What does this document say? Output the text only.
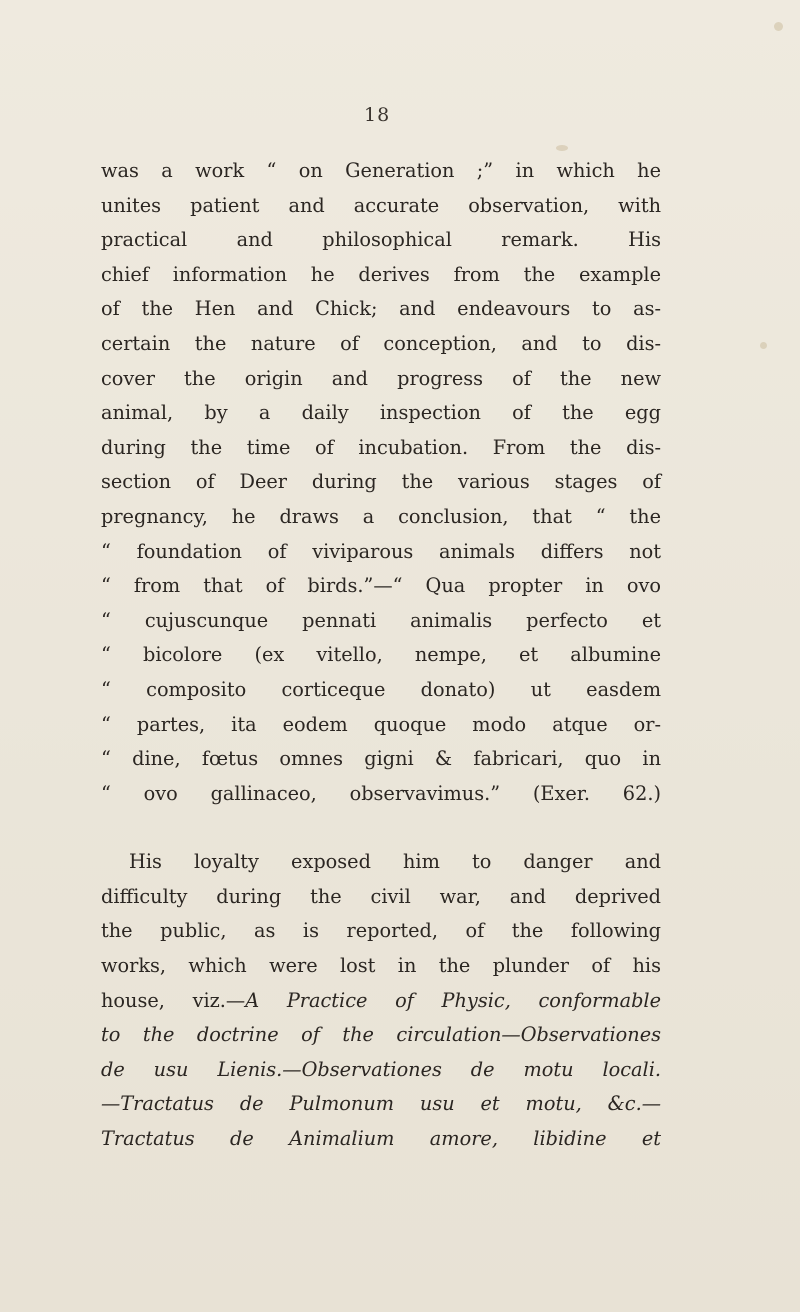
18
was a work “ on Generation ;” in which he
unites patient and accurate observation, with
practical and philosophical remark. His
chief information he derives from the example
of the Hen and Chick; and endeavours to as-
certain the nature of conception, and to dis-
cover the origin and progress of the new
animal, by a daily inspection of the egg
during the time of incubation. From the dis-
section of Deer during the various stages of
pregnancy, he draws a conclusion, that “ the
“ foundation of viviparous animals differs not
“ from that of birds.”—“ Qua propter in ovo
“ cujuscunque pennati animalis perfecto et
“ bicolore (ex vitello, nempe, et albumine
“ composito corticeque donato) ut easdem
“ partes, ita eodem quoque modo atque or-
“ dine, fœtus omnes gigni & fabricari, quo in
“ ovo gallinaceo, observavimus.” (Exer. 62.)
His loyalty exposed him to danger and
difficulty during the civil war, and deprived
the public, as is reported, of the following
works, which were lost in the plunder of his
house, viz.—A Practice of Physic, conformable
to the doctrine of the circulation—Observationes
de usu Lienis.—Observationes de motu locali.
—Tractatus de Pulmonum usu et motu, &c.—
Tractatus de Animalium amore, libidine et
